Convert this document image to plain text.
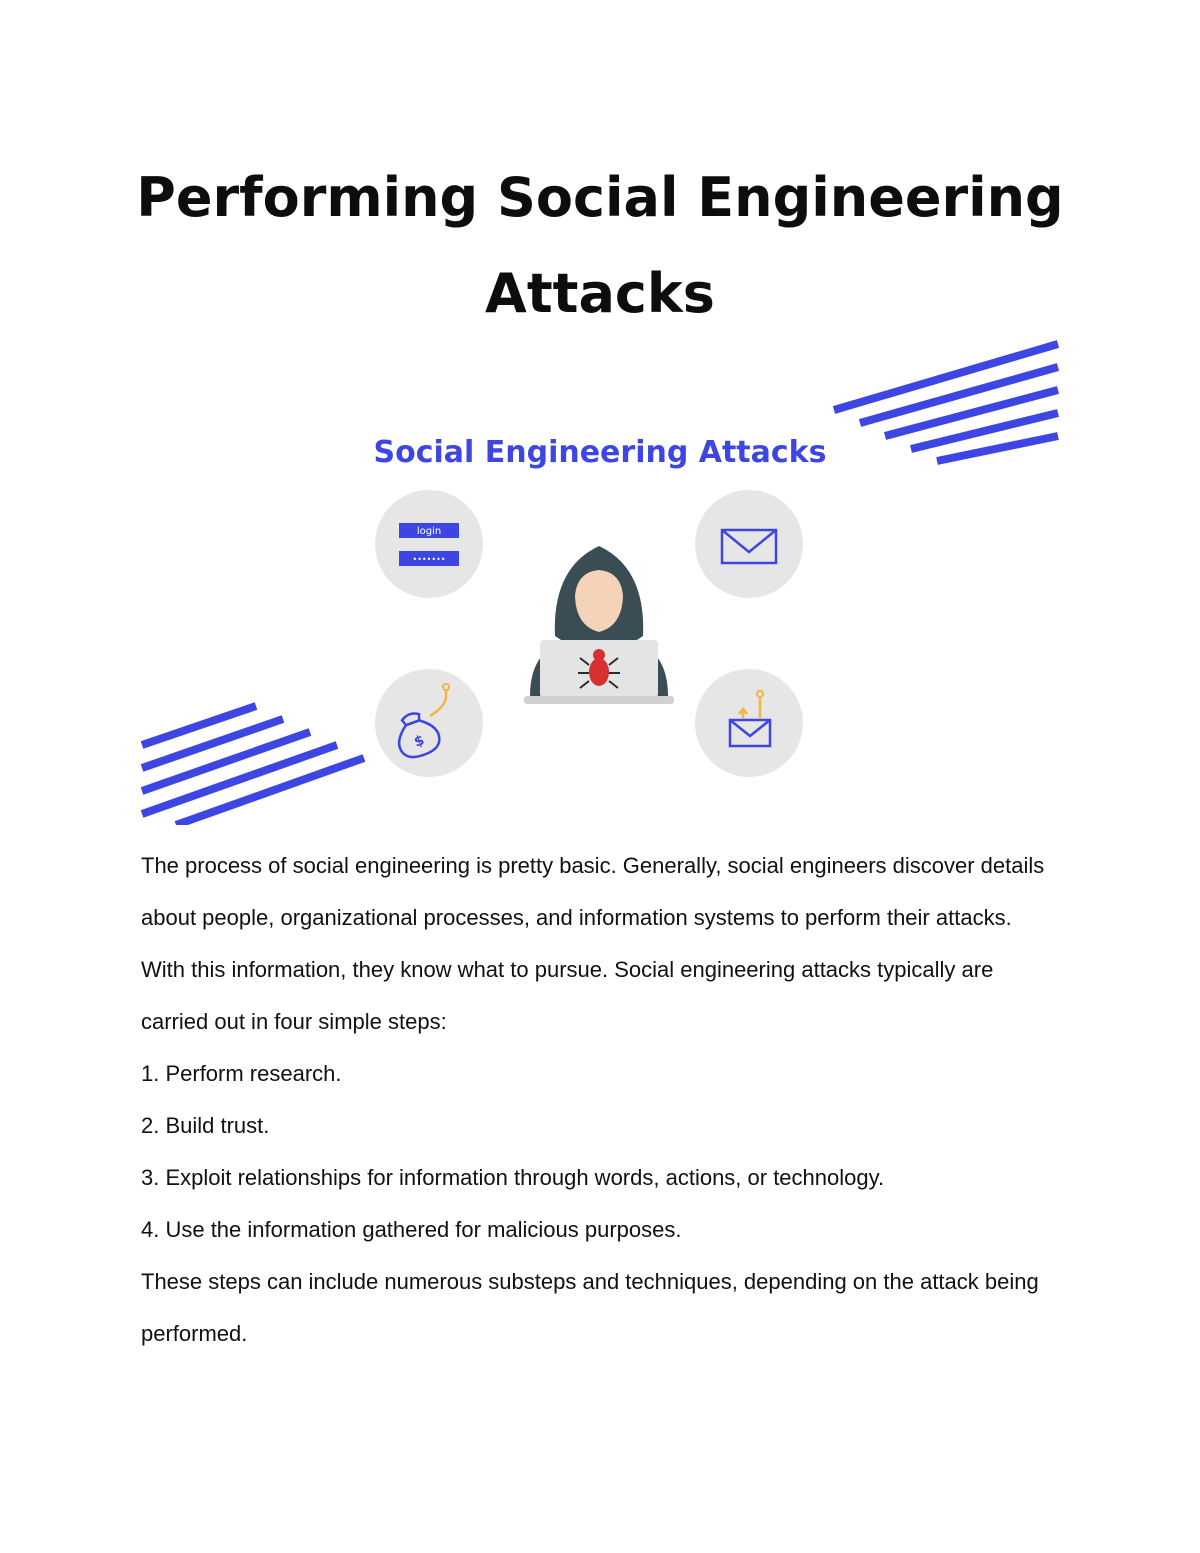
Performing Social Engineering Attacks
Social Engineering Attacks
login
•••••••
$

The process of social engineering is pretty basic. Generally, social engineers discover details about people, organizational processes, and information systems to perform their attacks. With this information, they know what to pursue. Social engineering attacks typically are carried out in four simple steps:

1. Perform research.
2. Build trust.
3. Exploit relationships for information through words, actions, or technology.
4. Use the information gathered for malicious purposes.

These steps can include numerous substeps and techniques, depending on the attack being performed.
